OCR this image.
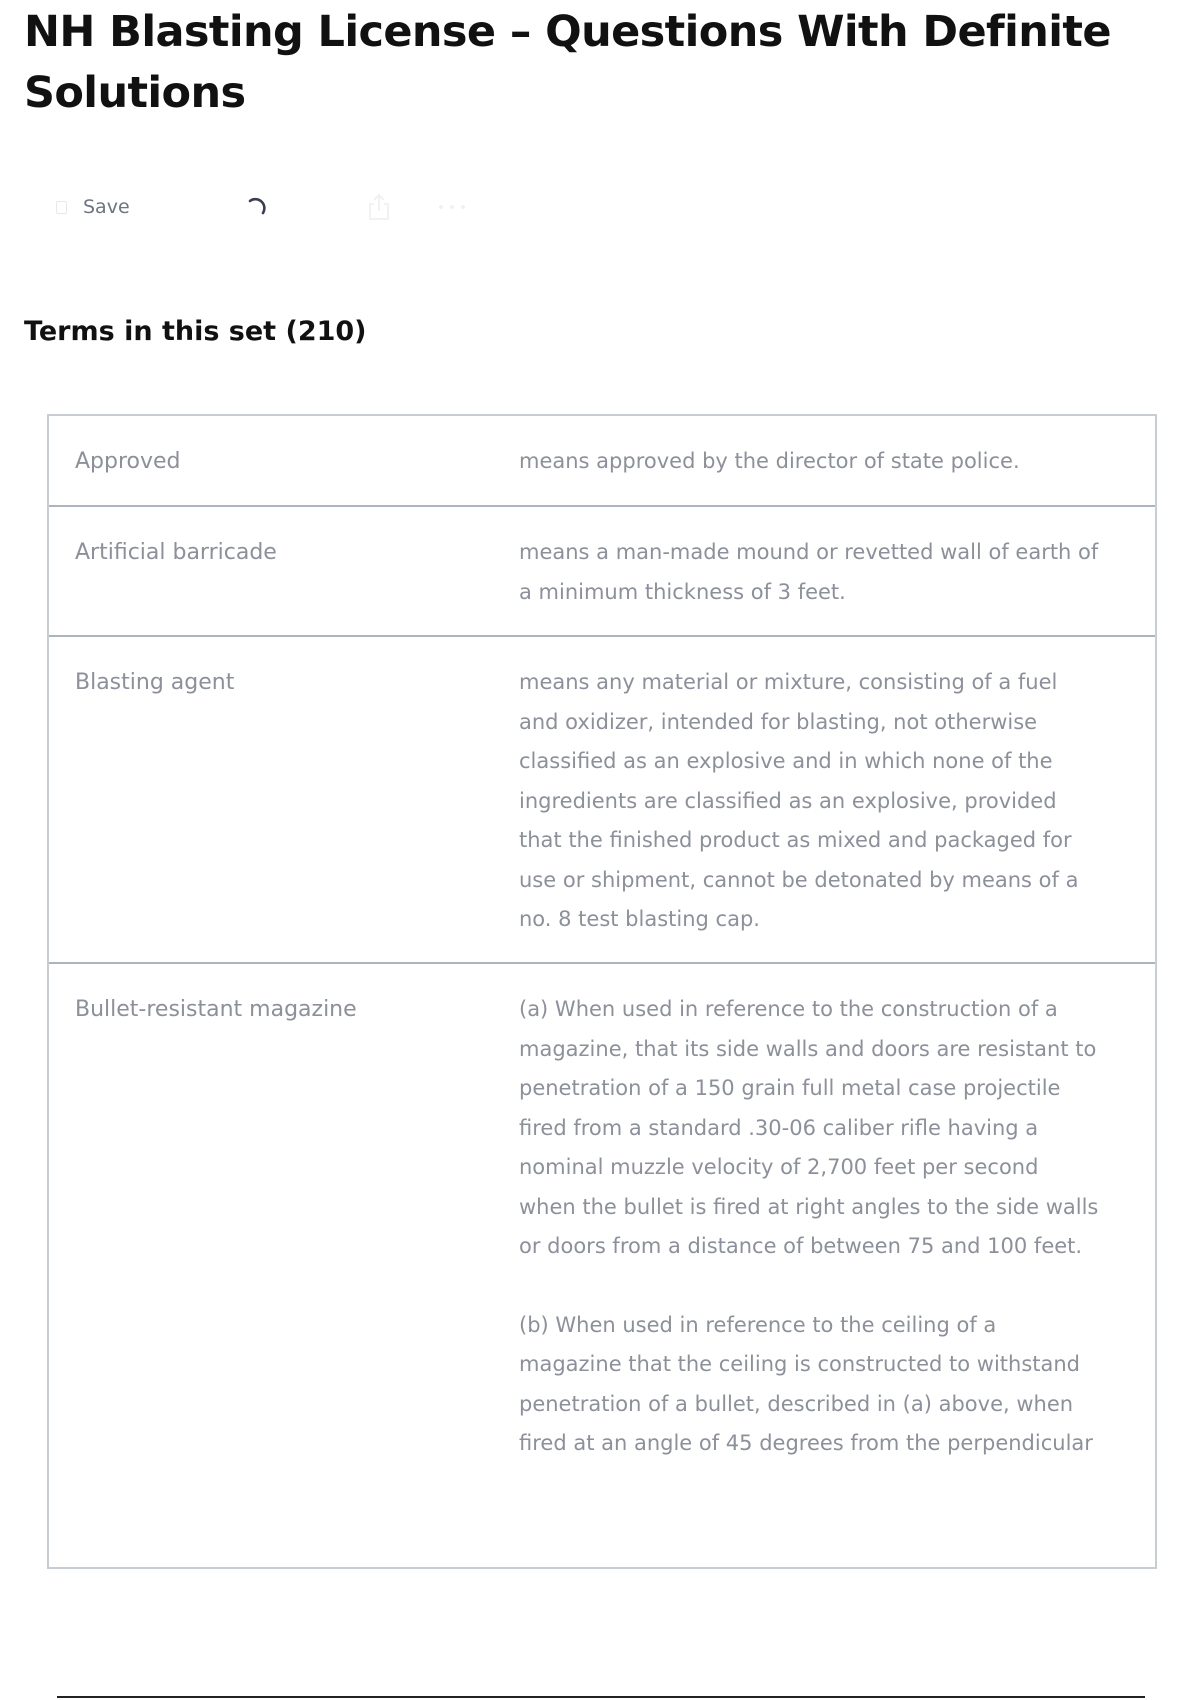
NH Blasting License – Questions With Definite Solutions
Save
Terms in this set (210)
Approved	means approved by the director of state police.

Artificial barricade	means a man-made mound or revetted wall of earth of a minimum thickness of 3 feet.

Blasting agent	means any material or mixture, consisting of a fuel and oxidizer, intended for blasting, not otherwise classified as an explosive and in which none of the ingredients are classified as an explosive, provided that the finished product as mixed and packaged for use or shipment, cannot be detonated by means of a no. 8 test blasting cap.

Bullet-resistant magazine	(a) When used in reference to the construction of a magazine, that its side walls and doors are resistant to penetration of a 150 grain full metal case projectile fired from a standard .30-06 caliber rifle having a nominal muzzle velocity of 2,700 feet per second when the bullet is fired at right angles to the side walls or doors from a distance of between 75 and 100 feet.

(b) When used in reference to the ceiling of a magazine that the ceiling is constructed to withstand penetration of a bullet, described in (a) above, when fired at an angle of 45 degrees from the perpendicular
